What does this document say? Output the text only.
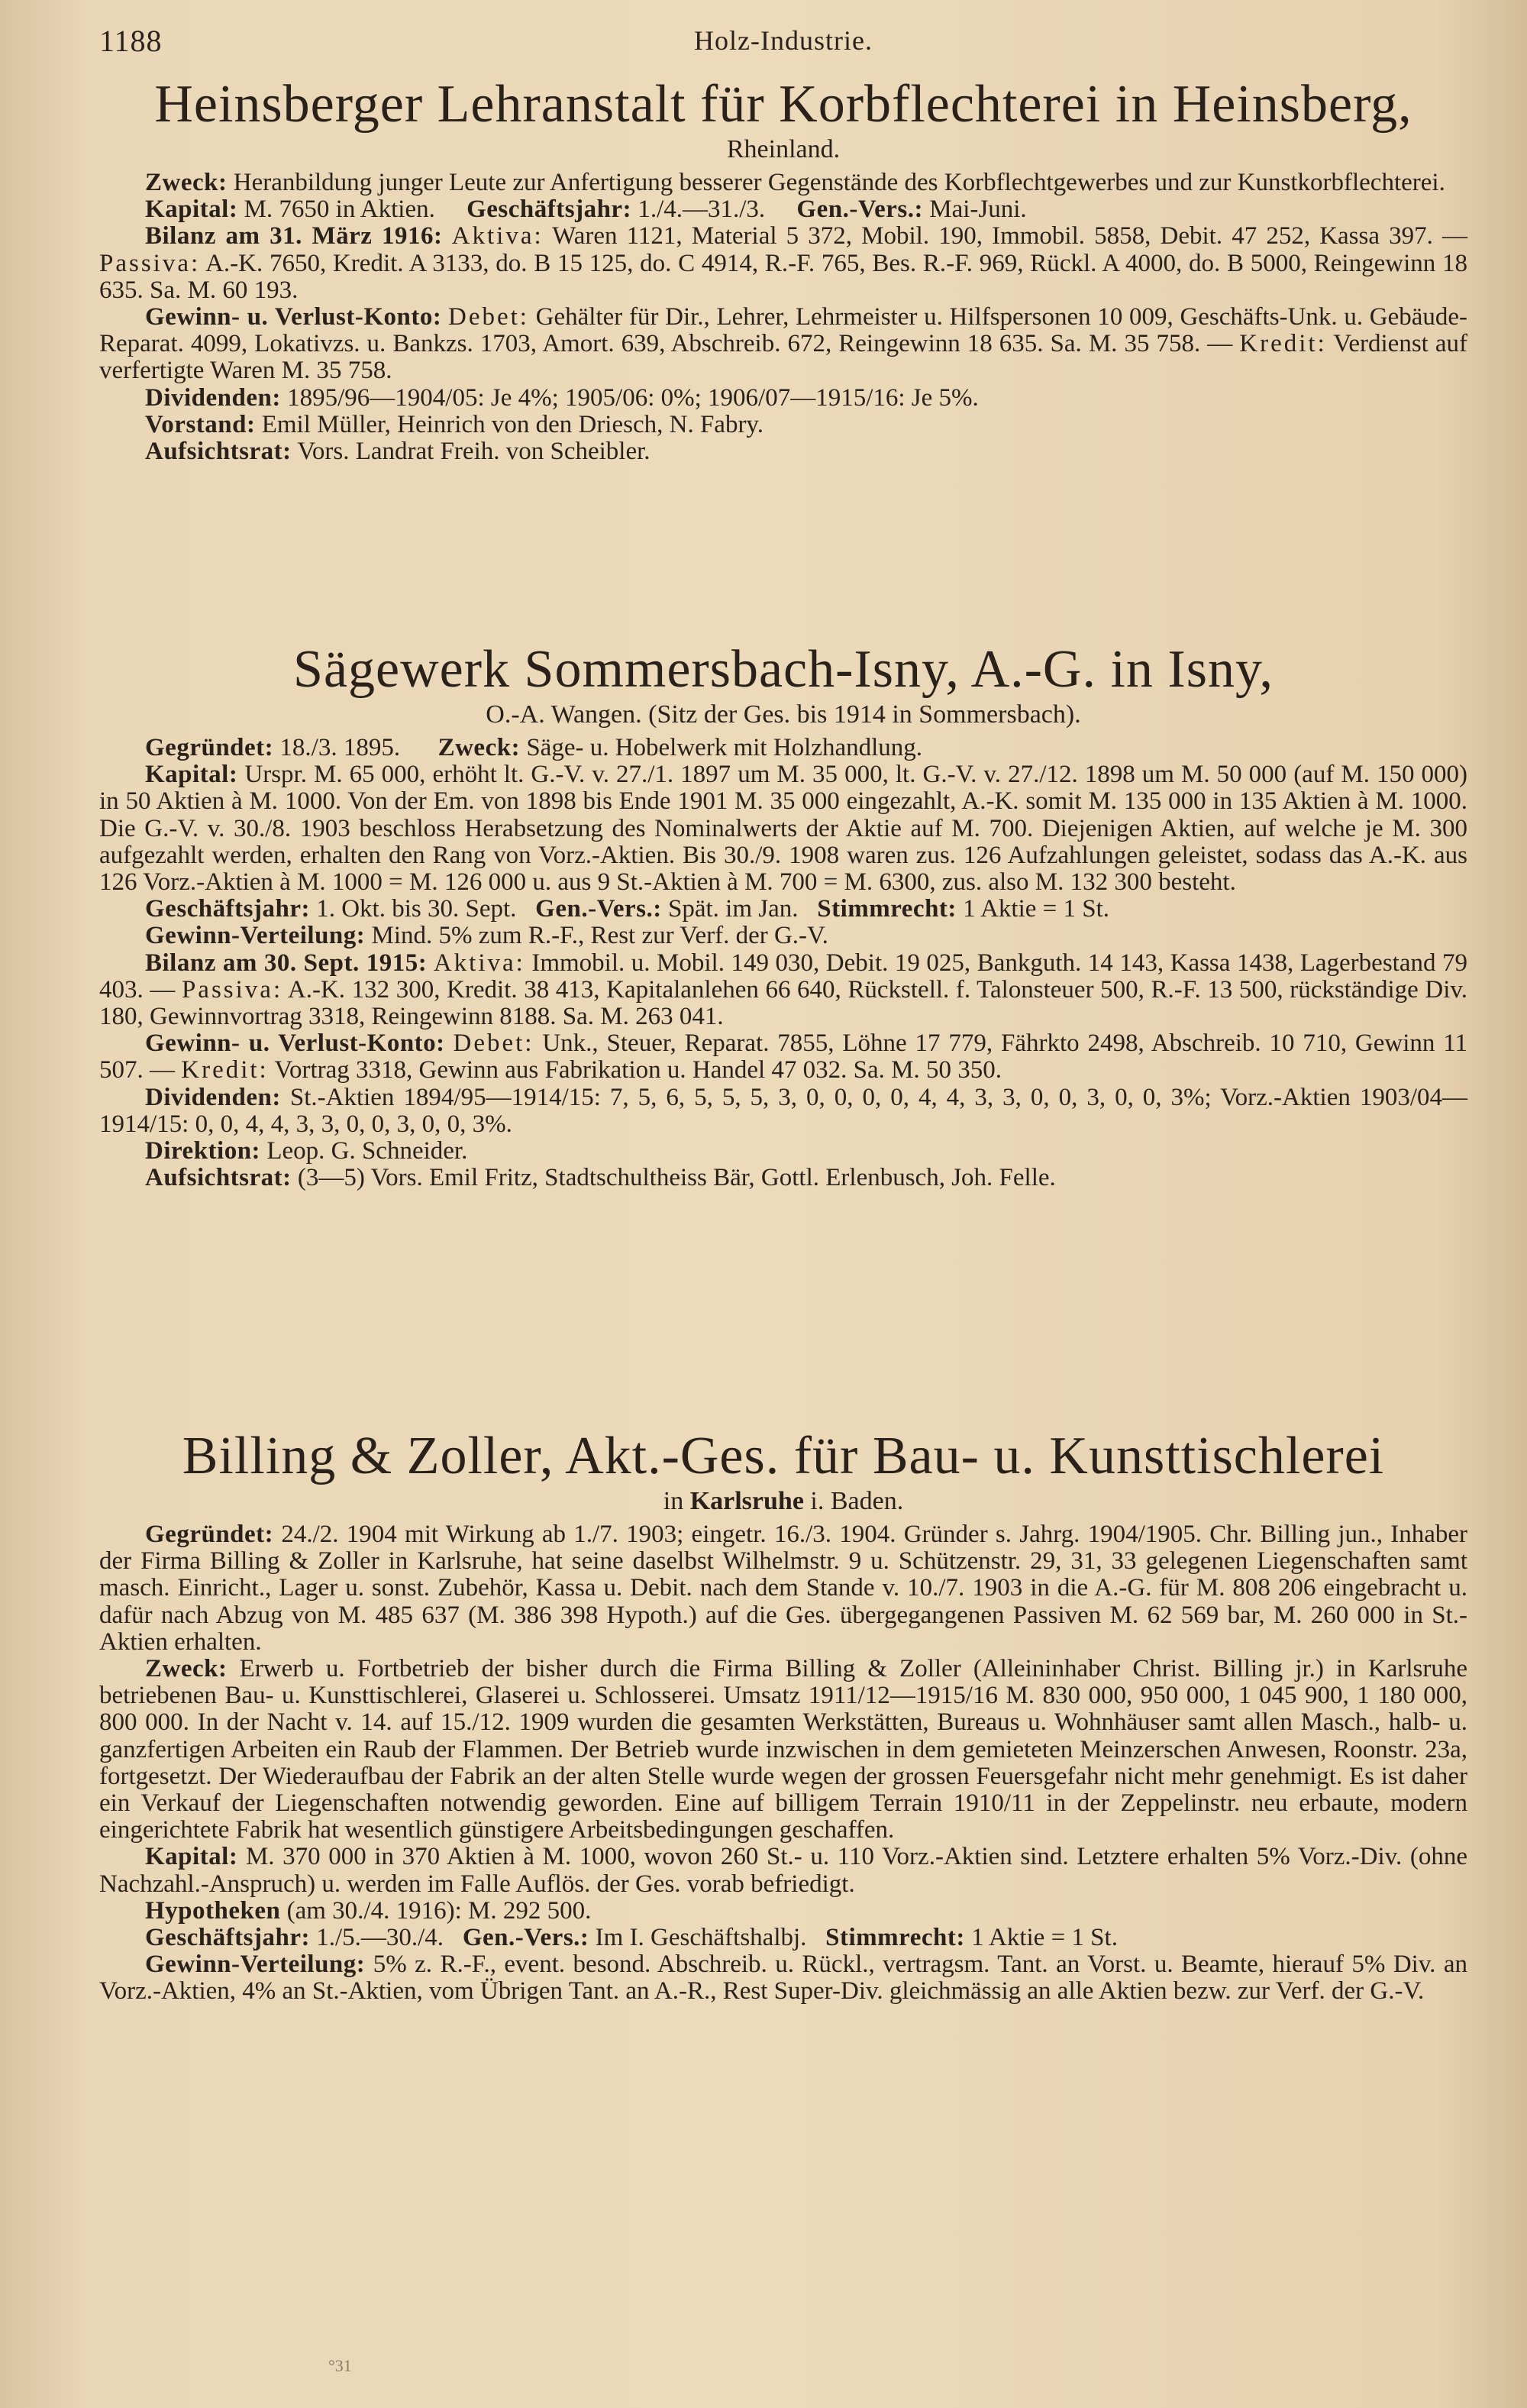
1188	Holz-Industrie.
Heinsberger Lehranstalt für Korbflechterei in Heinsberg,
Rheinland.

Zweck: Heranbildung junger Leute zur Anfertigung besserer Gegenstände des Korbflechtgewerbes und zur Kunstkorbflechterei.

Kapital: M. 7650 in Aktien. Geschäftsjahr: 1./4.—31./3. Gen.-Vers.: Mai-Juni.

Bilanz am 31. März 1916: Aktiva: Waren 1121, Material 5 372, Mobil. 190, Immobil. 5858, Debit. 47 252, Kassa 397. — Passiva: A.-K. 7650, Kredit. A 3133, do. B 15 125, do. C 4914, R.-F. 765, Bes. R.-F. 969, Rückl. A 4000, do. B 5000, Reingewinn 18 635. Sa. M. 60 193.

Gewinn- u. Verlust-Konto: Debet: Gehälter für Dir., Lehrer, Lehrmeister u. Hilfspersonen 10 009, Geschäfts-Unk. u. Gebäude-Reparat. 4099, Lokativzs. u. Bankzs. 1703, Amort. 639, Abschreib. 672, Reingewinn 18 635. Sa. M. 35 758. — Kredit: Verdienst auf verfertigte Waren M. 35 758.

Dividenden: 1895/96—1904/05: Je 4%; 1905/06: 0%; 1906/07—1915/16: Je 5%.

Vorstand: Emil Müller, Heinrich von den Driesch, N. Fabry.

Aufsichtsrat: Vors. Landrat Freih. von Scheibler.

Sägewerk Sommersbach-Isny, A.-G. in Isny,
O.-A. Wangen. (Sitz der Ges. bis 1914 in Sommersbach).

Gegründet: 18./3. 1895. Zweck: Säge- u. Hobelwerk mit Holzhandlung.

Kapital: Urspr. M. 65 000, erhöht lt. G.-V. v. 27./1. 1897 um M. 35 000, lt. G.-V. v. 27./12. 1898 um M. 50 000 (auf M. 150 000) in 50 Aktien à M. 1000. Von der Em. von 1898 bis Ende 1901 M. 35 000 eingezahlt, A.-K. somit M. 135 000 in 135 Aktien à M. 1000. Die G.-V. v. 30./8. 1903 beschloss Herabsetzung des Nominalwerts der Aktie auf M. 700. Diejenigen Aktien, auf welche je M. 300 aufgezahlt werden, erhalten den Rang von Vorz.-Aktien. Bis 30./9. 1908 waren zus. 126 Aufzahlungen geleistet, sodass das A.-K. aus 126 Vorz.-Aktien à M. 1000 = M. 126 000 u. aus 9 St.-Aktien à M. 700 = M. 6300, zus. also M. 132 300 besteht.

Geschäftsjahr: 1. Okt. bis 30. Sept. Gen.-Vers.: Spät. im Jan. Stimmrecht: 1 Aktie = 1 St.

Gewinn-Verteilung: Mind. 5% zum R.-F., Rest zur Verf. der G.-V.

Bilanz am 30. Sept. 1915: Aktiva: Immobil. u. Mobil. 149 030, Debit. 19 025, Bankguth. 14 143, Kassa 1438, Lagerbestand 79 403. — Passiva: A.-K. 132 300, Kredit. 38 413, Kapitalanlehen 66 640, Rückstell. f. Talonsteuer 500, R.-F. 13 500, rückständige Div. 180, Gewinnvortrag 3318, Reingewinn 8188. Sa. M. 263 041.

Gewinn- u. Verlust-Konto: Debet: Unk., Steuer, Reparat. 7855, Löhne 17 779, Fährkto 2498, Abschreib. 10 710, Gewinn 11 507. — Kredit: Vortrag 3318, Gewinn aus Fabrikation u. Handel 47 032. Sa. M. 50 350.

Dividenden: St.-Aktien 1894/95—1914/15: 7, 5, 6, 5, 5, 5, 3, 0, 0, 0, 0, 4, 4, 3, 3, 0, 0, 3, 0, 0, 3%; Vorz.-Aktien 1903/04—1914/15: 0, 0, 4, 4, 3, 3, 0, 0, 3, 0, 0, 3%.

Direktion: Leop. G. Schneider.

Aufsichtsrat: (3—5) Vors. Emil Fritz, Stadtschultheiss Bär, Gottl. Erlenbusch, Joh. Felle.

Billing & Zoller, Akt.-Ges. für Bau- u. Kunsttischlerei
in Karlsruhe i. Baden.

Gegründet: 24./2. 1904 mit Wirkung ab 1./7. 1903; eingetr. 16./3. 1904. Gründer s. Jahrg. 1904/1905. Chr. Billing jun., Inhaber der Firma Billing & Zoller in Karlsruhe, hat seine daselbst Wilhelmstr. 9 u. Schützenstr. 29, 31, 33 gelegenen Liegenschaften samt masch. Einricht., Lager u. sonst. Zubehör, Kassa u. Debit. nach dem Stande v. 10./7. 1903 in die A.-G. für M. 808 206 eingebracht u. dafür nach Abzug von M. 485 637 (M. 386 398 Hypoth.) auf die Ges. übergegangenen Passiven M. 62 569 bar, M. 260 000 in St.-Aktien erhalten.

Zweck: Erwerb u. Fortbetrieb der bisher durch die Firma Billing & Zoller (Alleininhaber Christ. Billing jr.) in Karlsruhe betriebenen Bau- u. Kunsttischlerei, Glaserei u. Schlosserei. Umsatz 1911/12—1915/16 M. 830 000, 950 000, 1 045 900, 1 180 000, 800 000. In der Nacht v. 14. auf 15./12. 1909 wurden die gesamten Werkstätten, Bureaus u. Wohnhäuser samt allen Masch., halb- u. ganzfertigen Arbeiten ein Raub der Flammen. Der Betrieb wurde inzwischen in dem gemieteten Meinzerschen Anwesen, Roonstr. 23a, fortgesetzt. Der Wiederaufbau der Fabrik an der alten Stelle wurde wegen der grossen Feuersgefahr nicht mehr genehmigt. Es ist daher ein Verkauf der Liegenschaften notwendig geworden. Eine auf billigem Terrain 1910/11 in der Zeppelinstr. neu erbaute, modern eingerichtete Fabrik hat wesentlich günstigere Arbeitsbedingungen geschaffen.

Kapital: M. 370 000 in 370 Aktien à M. 1000, wovon 260 St.- u. 110 Vorz.-Aktien sind. Letztere erhalten 5% Vorz.-Div. (ohne Nachzahl.-Anspruch) u. werden im Falle Auflös. der Ges. vorab befriedigt.

Hypotheken (am 30./4. 1916): M. 292 500.

Geschäftsjahr: 1./5.—30./4. Gen.-Vers.: Im I. Geschäftshalbj. Stimmrecht: 1 Aktie = 1 St.

Gewinn-Verteilung: 5% z. R.-F., event. besond. Abschreib. u. Rückl., vertragsm. Tant. an Vorst. u. Beamte, hierauf 5% Div. an Vorz.-Aktien, 4% an St.-Aktien, vom Übrigen Tant. an A.-R., Rest Super-Div. gleichmässig an alle Aktien bezw. zur Verf. der G.-V.

°31
